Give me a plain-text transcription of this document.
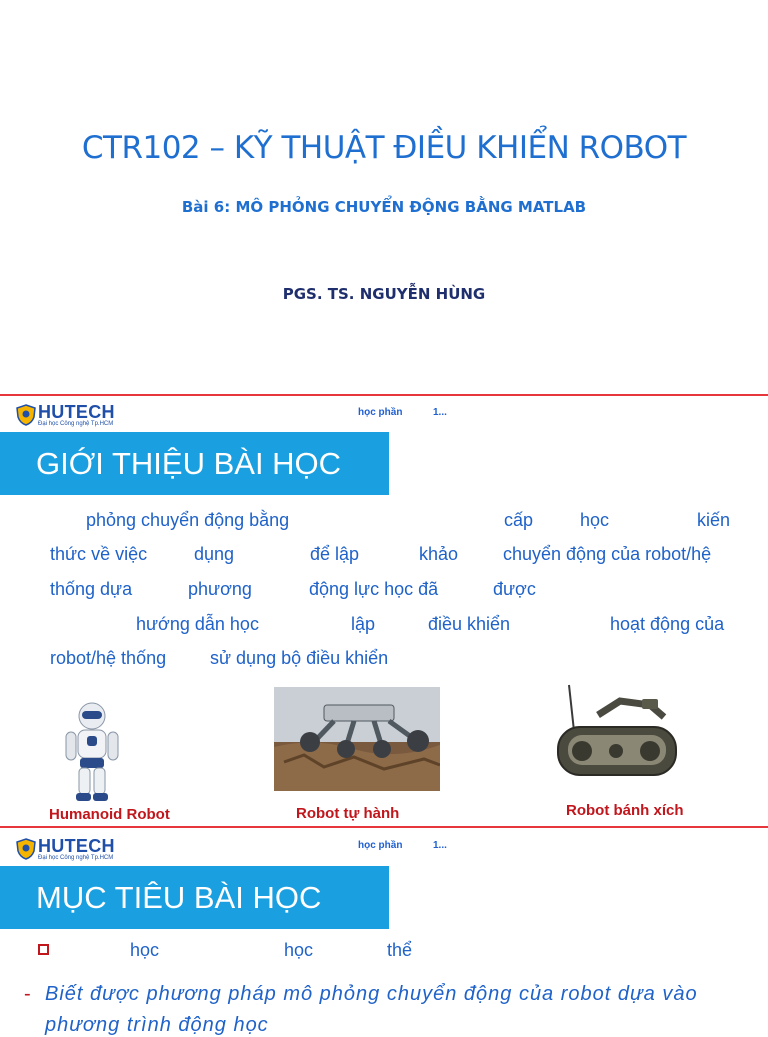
CTR102 – KỸ THUẬT ĐIỀU KHIỂN ROBOT
Bài 6: MÔ PHỎNG CHUYỂN ĐỘNG BẰNG MATLAB
PGS. TS. NGUYỄN HÙNG
HUTECH
Đại học Công nghệ Tp.HCM
học phần	1...
GIỚI THIỆU BÀI HỌC
phỏng chuyển động bằng	cấp	học	kiến
thức về việc	dụng	để lập	khảo chuyển động của robot/hệ
thống dựa	phương	động lực học đã	được
hướng dẫn học	lập	điều khiển	hoạt động của
robot/hệ thống sử dụng bộ điều khiển
Humanoid Robot	Robot tự hành	Robot bánh xích
HUTECH
Đại học Công nghệ Tp.HCM
học phần	1...
MỤC TIÊU BÀI HỌC
học	học	thể
- Biết được phương pháp mô phỏng chuyển động của robot dựa vào
phương trình động học
